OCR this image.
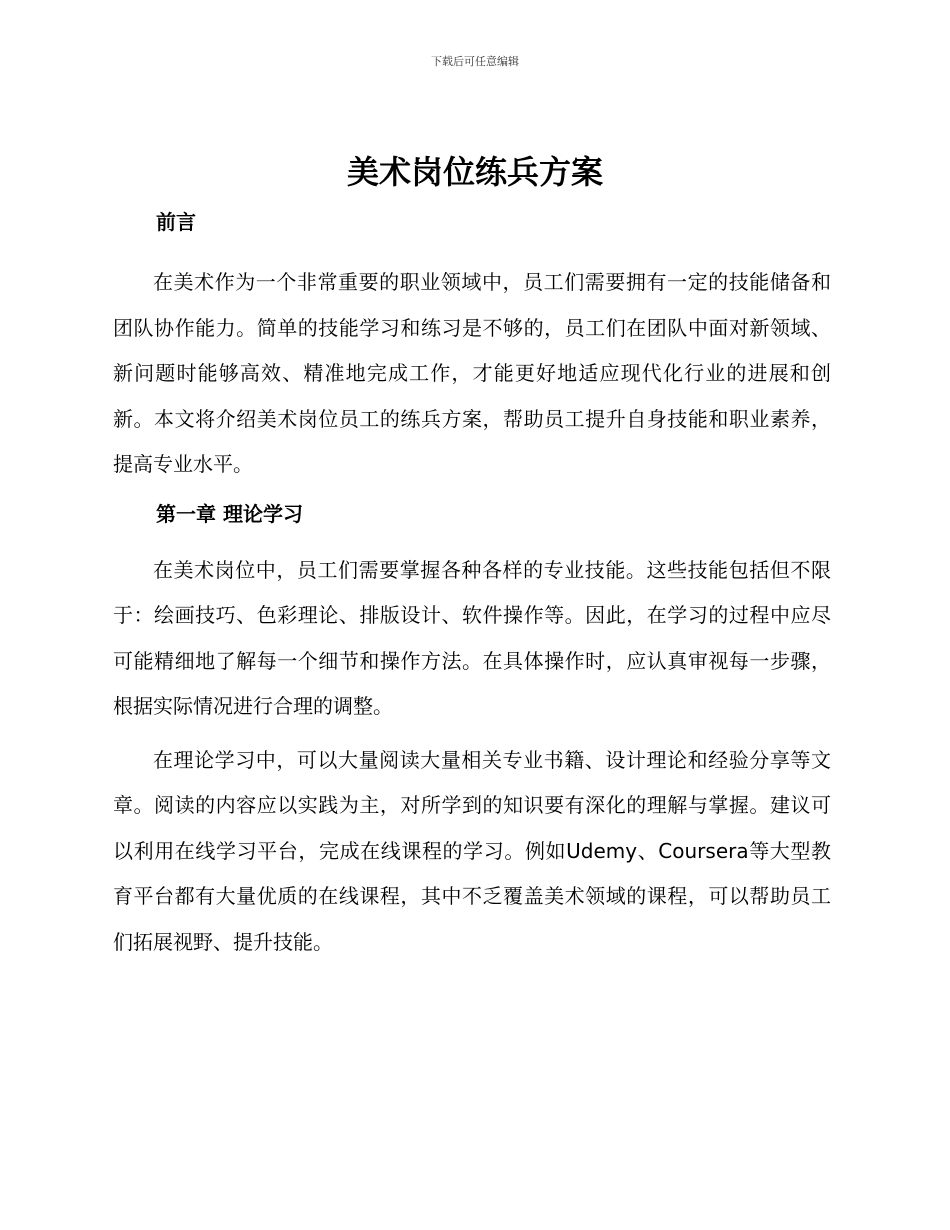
下载后可任意编辑
美术岗位练兵方案
前言

在美术作为一个非常重要的职业领域中，员工们需要拥有一定的技能储备和团队协作能力。简单的技能学习和练习是不够的，员工们在团队中面对新领域、新问题时能够高效、精准地完成工作，才能更好地适应现代化行业的进展和创新。本文将介绍美术岗位员工的练兵方案，帮助员工提升自身技能和职业素养，提高专业水平。

第一章 理论学习

在美术岗位中，员工们需要掌握各种各样的专业技能。这些技能包括但不限于：绘画技巧、色彩理论、排版设计、软件操作等。因此，在学习的过程中应尽可能精细地了解每一个细节和操作方法。在具体操作时，应认真审视每一步骤，根据实际情况进行合理的调整。

在理论学习中，可以大量阅读大量相关专业书籍、设计理论和经验分享等文章。阅读的内容应以实践为主，对所学到的知识要有深化的理解与掌握。建议可以利用在线学习平台，完成在线课程的学习。例如Udemy、Coursera等大型教育平台都有大量优质的在线课程，其中不乏覆盖美术领域的课程，可以帮助员工们拓展视野、提升技能。
